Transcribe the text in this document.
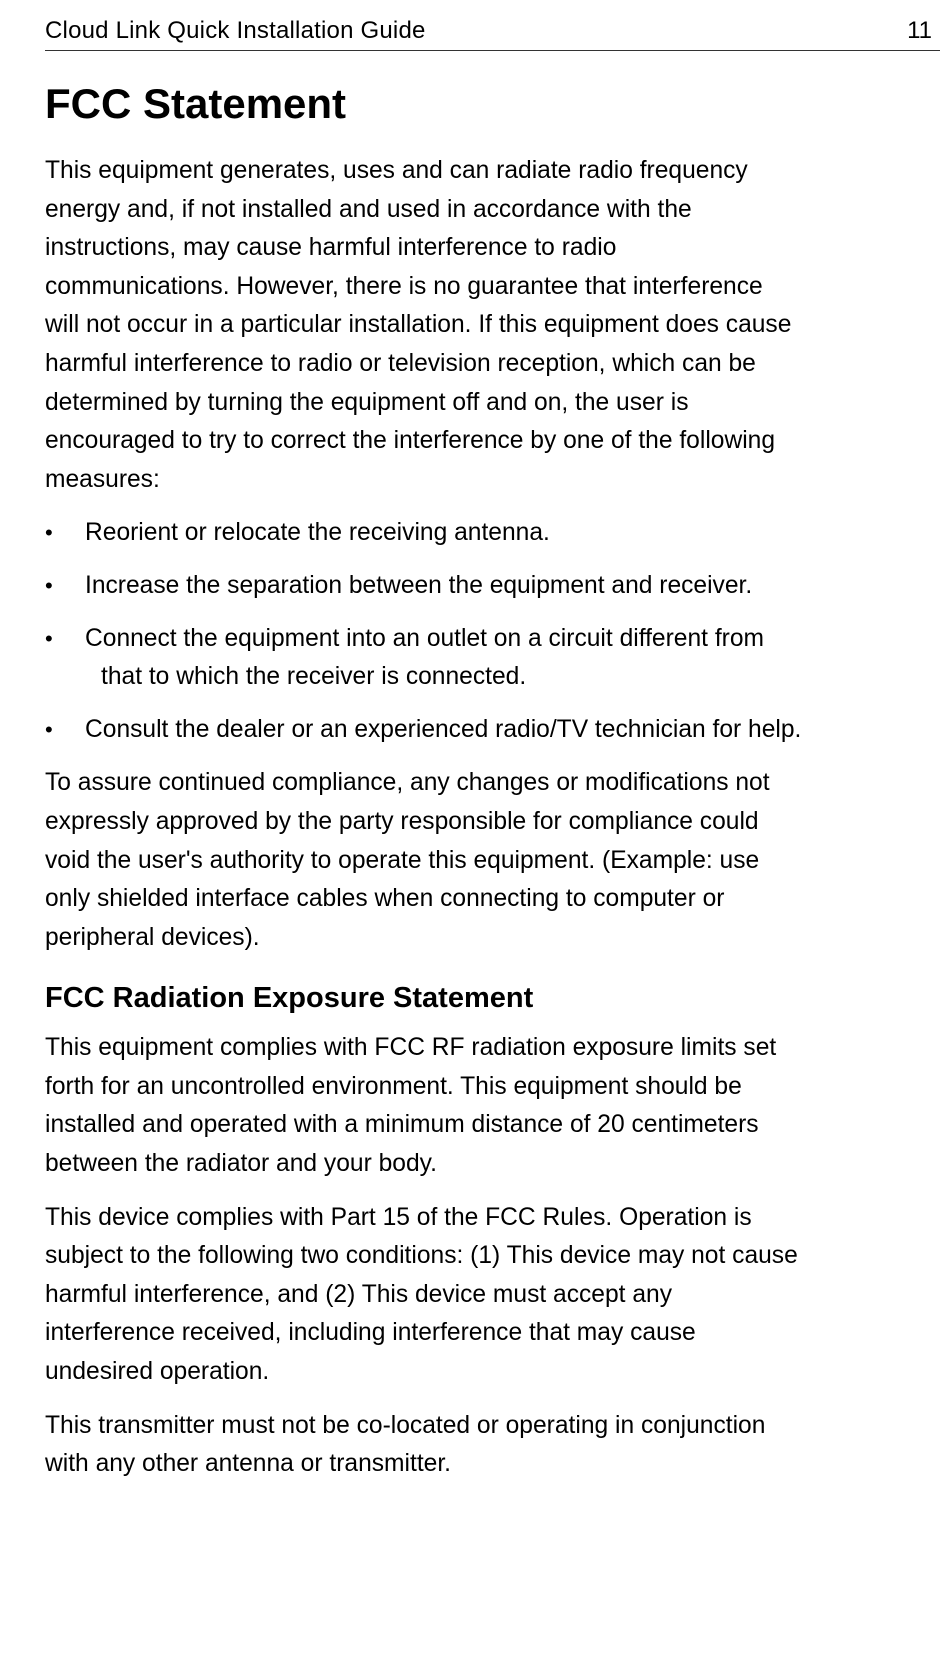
Cloud Link Quick Installation Guide	11
FCC Statement

This equipment generates, uses and can radiate radio frequency
energy and, if not installed and used in accordance with the
instructions, may cause harmful interference to radio
communications. However, there is no guarantee that interference
will not occur in a particular installation. If this equipment does cause
harmful interference to radio or television reception, which can be
determined by turning the equipment off and on, the user is
encouraged to try to correct the interference by one of the following
measures:

• Reorient or relocate the receiving antenna.
• Increase the separation between the equipment and receiver.
• Connect the equipment into an outlet on a circuit different from
that to which the receiver is connected.
• Consult the dealer or an experienced radio/TV technician for help.

To assure continued compliance, any changes or modifications not
expressly approved by the party responsible for compliance could
void the user's authority to operate this equipment. (Example: use
only shielded interface cables when connecting to computer or
peripheral devices).

FCC Radiation Exposure Statement

This equipment complies with FCC RF radiation exposure limits set
forth for an uncontrolled environment. This equipment should be
installed and operated with a minimum distance of 20 centimeters
between the radiator and your body.

This device complies with Part 15 of the FCC Rules. Operation is
subject to the following two conditions: (1) This device may not cause
harmful interference, and (2) This device must accept any
interference received, including interference that may cause
undesired operation.

This transmitter must not be co-located or operating in conjunction
with any other antenna or transmitter.
